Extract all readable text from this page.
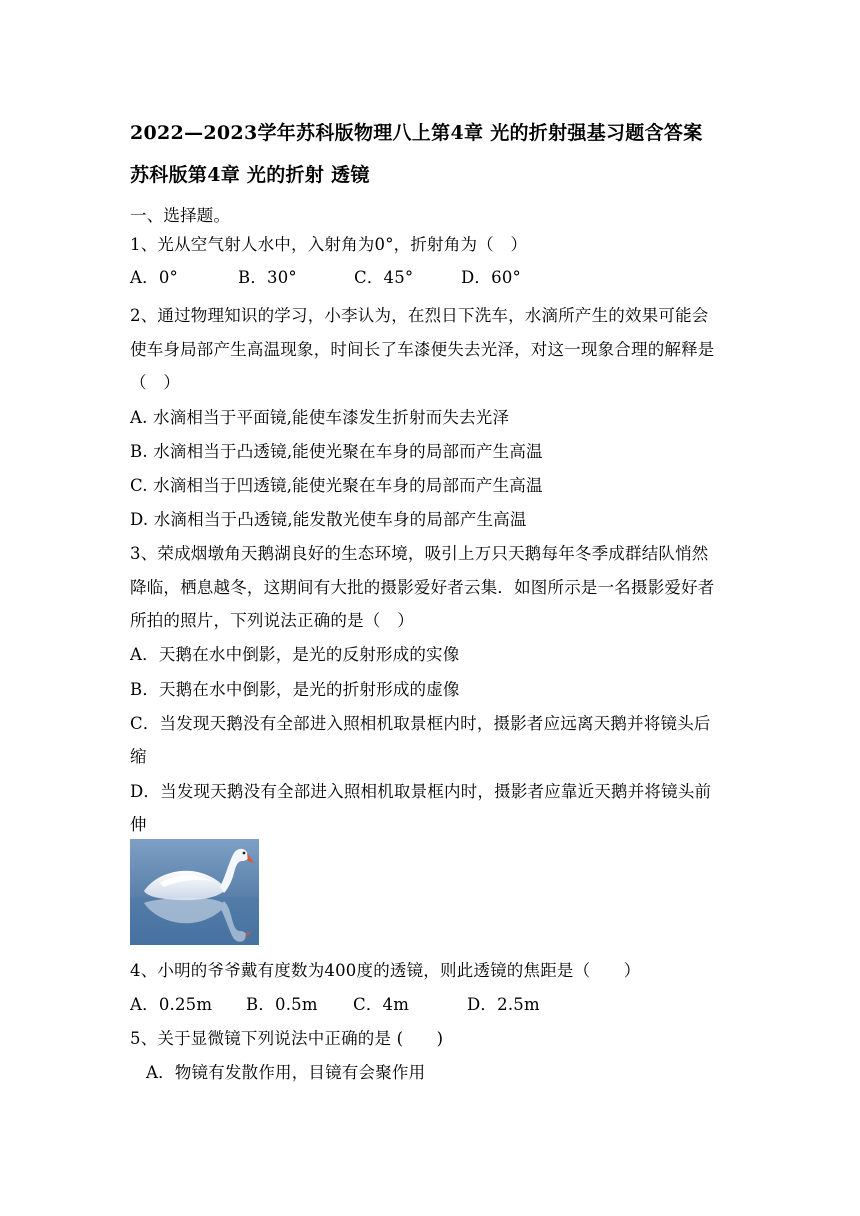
2022—2023学年苏科版物理八上第4章 光的折射强基习题含答案
苏科版第4章 光的折射 透镜
一、选择题。
1、光从空气射人水中，入射角为0°，折射角为（　）
A．0°	B．30°	C．45°	D．60°
2、通过物理知识的学习，小李认为，在烈日下洗车，水滴所产生的效果可能会
使车身局部产生高温现象，时间长了车漆便失去光泽，对这一现象合理的解释是
（　）
A. 水滴相当于平面镜,能使车漆发生折射而失去光泽
B. 水滴相当于凸透镜,能使光聚在车身的局部而产生高温
C. 水滴相当于凹透镜,能使光聚在车身的局部而产生高温
D. 水滴相当于凸透镜,能发散光使车身的局部产生高温
3、荣成烟墩角天鹅湖良好的生态环境，吸引上万只天鹅每年冬季成群结队悄然
降临，栖息越冬，这期间有大批的摄影爱好者云集．如图所示是一名摄影爱好者
所拍的照片，下列说法正确的是（　）
A．天鹅在水中倒影，是光的反射形成的实像
B．天鹅在水中倒影，是光的折射形成的虚像
C．当发现天鹅没有全部进入照相机取景框内时，摄影者应远离天鹅并将镜头后
缩
D．当发现天鹅没有全部进入照相机取景框内时，摄影者应靠近天鹅并将镜头前
伸
4、小明的爷爷戴有度数为400度的透镜，则此透镜的焦距是（　　）
A．0.25m	B．0.5m	C．4m	D．2.5m
5、关于显微镜下列说法中正确的是 (　　)
A．物镜有发散作用，目镜有会聚作用
